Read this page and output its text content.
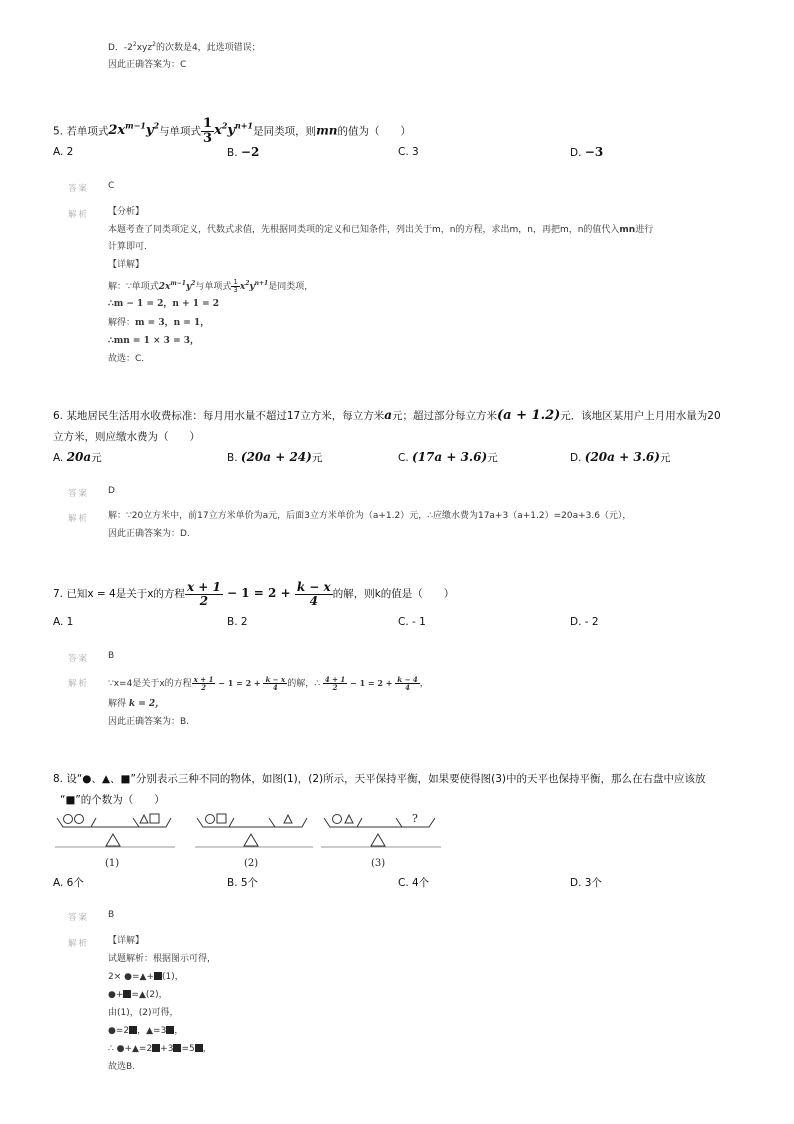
D．$-2^2xyz^2$的次数是4，此选项错误；
因此正确答案为：C
5. 若单项式$2x^{m-1}y^2$与单项式 $\frac{1}{3} x^2y^{n+1}$是同类项，则mn的值为（　　）
A. 2	B. −2	C. 3	D. −3
答案 C
解析 【分析】
本题考查了同类项定义，代数式求值，先根据同类项的定义和已知条件，列出关于m，n的方程，求出m，n，再把m，n的值代入mn进行
计算即可．
【详解】
解：∵单项式$2x^{m-1}y^2$与单项式 $\frac{1}{3} x^2y^{n+1}$是同类项，
∴m − 1 = 2，n + 1 = 2
解得：m = 3，n = 1，
∴mn = 1 × 3 = 3，
故选：C．
6. 某地居民生活用水收费标准：每月用水量不超过17立方米，每立方米a元；超过部分每立方米(a + 1.2)元．该地区某用户上月用水量为20
立方米，则应缴水费为（　　）
A. 20a元	B. (20a + 24)元	C. (17a + 3.6)元	D. (20a + 3.6)元
答案 D
解析 解：∵20立方米中，前17立方米单价为a元，后面3立方米单价为（a+1.2）元，∴应缴水费为17a+3（a+1.2）=20a+3.6（元），
因此正确答案为：D.
7. 已知x = 4是关于x的方程 $\frac{x + 1}{2} - 1 = 2 + \frac{k - x}{4}$ 的解，则k的值是（　　）
A. 1	B. 2	C. - 1	D. - 2
答案 B
解析 ∵x=4是关于x的方程 $\frac{x + 1}{2} - 1 = 2 + \frac{k - x}{4}$ 的解，∴ $\frac{4 + 1}{2} - 1 = 2 + \frac{k - 4}{4}$ ，
解得 k = 2，
因此正确答案为：B.
8. 设“●、▲、■”分别表示三种不同的物体，如图(1)，(2)所示，天平保持平衡，如果要使得图(3)中的天平也保持平衡，那么在右盘中应该放
“■”的个数为（　　）
?
(1)	(2)	(3)
A. 6个	B. 5个	C. 4个	D. 3个
答案 B
解析 【详解】
试题解析：根据图示可得，
2× ●=▲+ (1)，
●+ =▲(2)，
由(1)，(2)可得，
●=2 ，▲=3 ，
∴ ●+▲=2 +3 =5 ，
故选B.
